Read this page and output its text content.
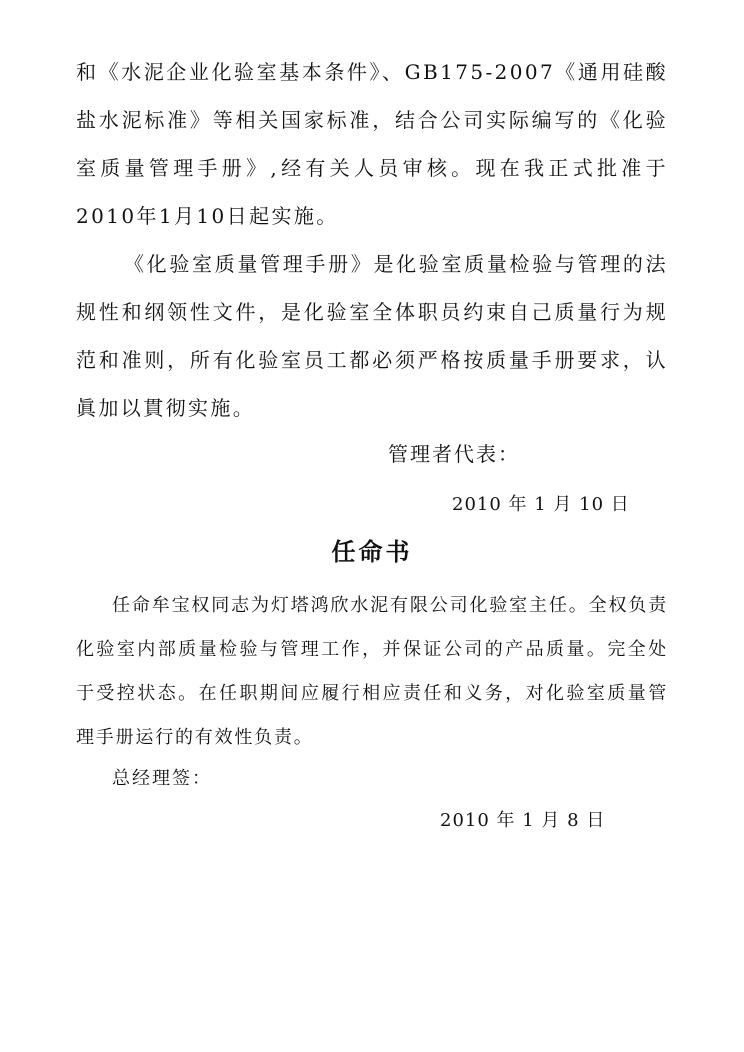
和《水泥企业化验室基本条件》、GB175-2007《通用硅酸盐水泥标准》等相关国家标准，结合公司实际编写的《化验室质量管理手册》,经有关人员审核。现在我正式批准于2010年1月10日起实施。

《化验室质量管理手册》是化验室质量检验与管理的法规性和纲领性文件，是化验室全体职员约束自己质量行为规范和准则，所有化验室员工都必须严格按质量手册要求，认眞加以貫彻实施。

管理者代表：

2010 年 1 月 10 日

任命书

任命牟宝权同志为灯塔鸿欣水泥有限公司化验室主任。全权负责化验室内部质量检验与管理工作，并保证公司的产品质量。完全处于受控状态。在任职期间应履行相应责任和义务，对化验室质量管理手册运行的有效性负责。

总经理签：

2010 年 1 月 8 日
